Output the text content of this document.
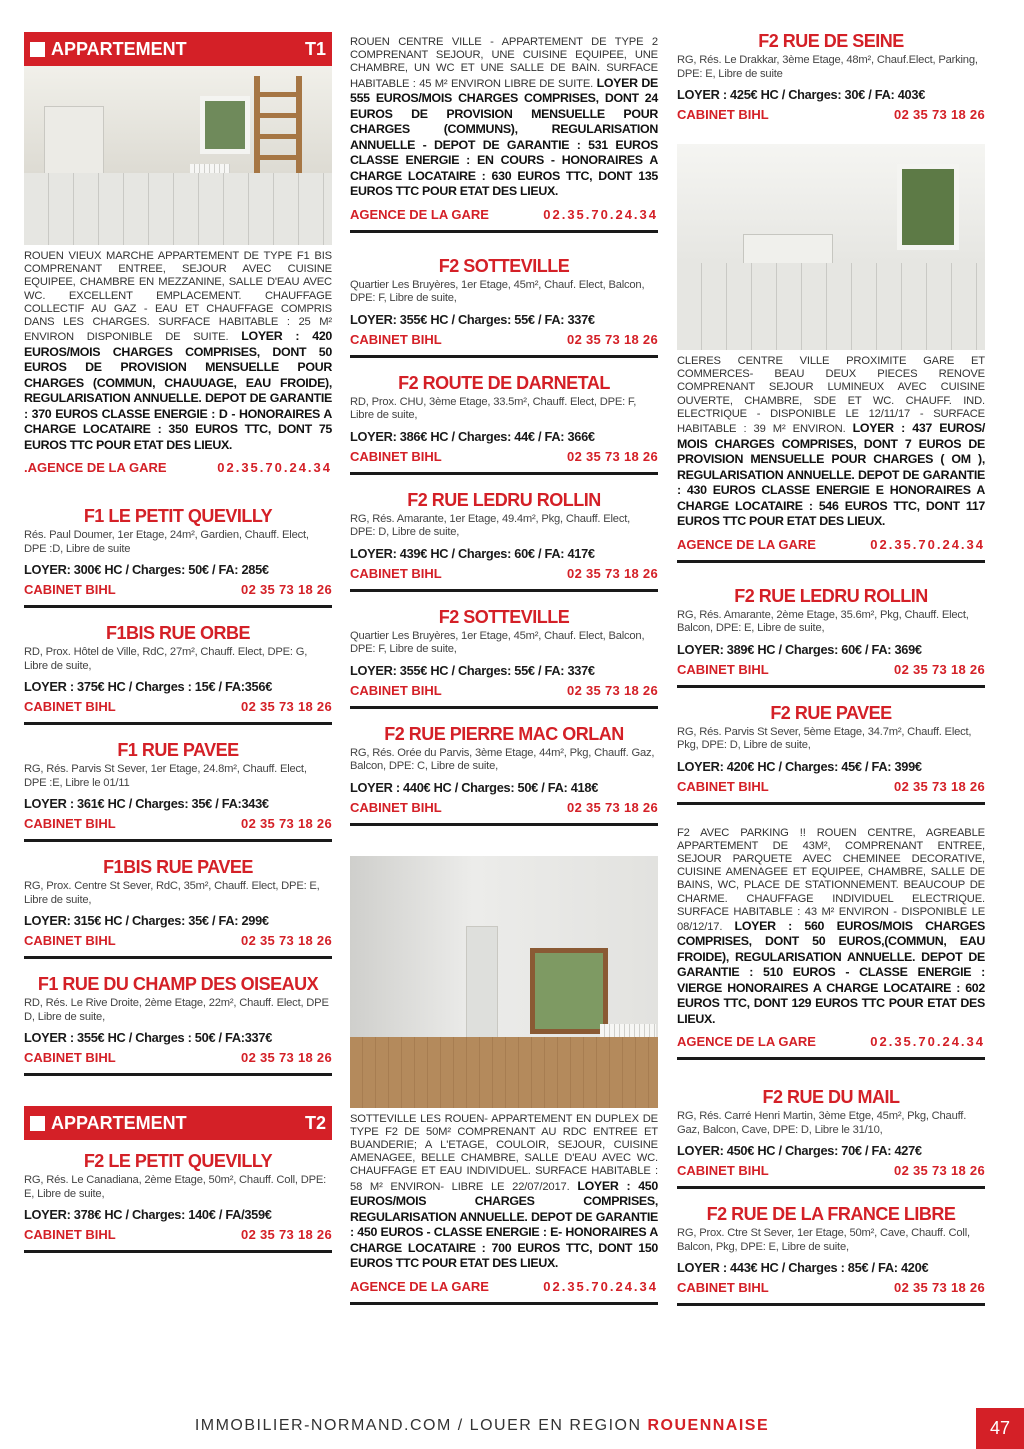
APPARTEMENT	T1

ROUEN VIEUX MARCHE APPARTEMENT DE TYPE F1 BIS COMPRENANT ENTREE, SEJOUR AVEC CUISINE EQUIPEE, CHAMBRE EN MEZZANINE, SALLE D'EAU AVEC WC. EXCELLENT EMPLACEMENT. CHAUFFAGE COLLECTIF AU GAZ - EAU ET CHAUFFAGE COMPRIS DANS LES CHARGES. SURFACE HABITABLE : 25 M² ENVIRON DISPONIBLE DE SUITE. LOYER : 420 EUROS/MOIS CHARGES COMPRISES, DONT 50 EUROS DE PROVISION MENSUELLE POUR CHARGES (COMMUN, CHAUUAGE, EAU FROIDE), REGULARISATION ANNUELLE. DEPOT DE GARANTIE : 370 EUROS CLASSE ENERGIE : D - HONORAIRES A CHARGE LOCATAIRE : 350 EUROS TTC, DONT 75 EUROS TTC POUR ETAT DES LIEUX.

.AGENCE DE LA GARE	02.35.70.24.34
F1 LE PETIT QUEVILLY
Rés. Paul Doumer, 1er Etage, 24m², Gardien, Chauff. Elect, DPE :D, Libre de suite
LOYER: 300€ HC / Charges: 50€ / FA: 285€
CABINET BIHL	02 35 73 18 26
F1BIS RUE ORBE
RD, Prox. Hôtel de Ville, RdC, 27m², Chauff. Elect, DPE: G, Libre de suite,
LOYER : 375€ HC / Charges : 15€ / FA:356€
CABINET BIHL	02 35 73 18 26
F1 RUE PAVEE
RG, Rés. Parvis St Sever, 1er Etage, 24.8m², Chauff. Elect, DPE :E, Libre le 01/11
LOYER : 361€ HC / Charges: 35€ / FA:343€
CABINET BIHL	02 35 73 18 26
F1BIS RUE PAVEE
RG, Prox. Centre St Sever, RdC, 35m², Chauff. Elect, DPE: E, Libre de suite,
LOYER: 315€ HC / Charges: 35€ / FA: 299€
CABINET BIHL	02 35 73 18 26
F1 RUE DU CHAMP DES OISEAUX
RD, Rés. Le Rive Droite, 2ème Etage, 22m², Chauff. Elect, DPE D, Libre de suite,
LOYER : 355€ HC / Charges : 50€ / FA:337€
CABINET BIHL	02 35 73 18 26
APPARTEMENT	T2
F2 LE PETIT QUEVILLY
RG, Rés. Le Canadiana, 2ème Etage, 50m², Chauff. Coll, DPE: E, Libre de suite,
LOYER: 378€ HC / Charges: 140€ / FA/359€
CABINET BIHL	02 35 73 18 26

ROUEN CENTRE VILLE - APPARTEMENT DE TYPE 2 COMPRENANT SEJOUR, UNE CUISINE EQUIPEE, UNE CHAMBRE, UN WC ET UNE SALLE DE BAIN. SURFACE HABITABLE : 45 M² ENVIRON LIBRE DE SUITE. LOYER DE 555 EUROS/MOIS CHARGES COMPRISES, DONT 24 EUROS DE PROVISION MENSUELLE POUR CHARGES (COMMUNS), REGULARISATION ANNUELLE - DEPOT DE GARANTIE : 531 EUROS CLASSE ENERGIE : EN COURS - HONORAIRES A CHARGE LOCATAIRE : 630 EUROS TTC, DONT 135 EUROS TTC POUR ETAT DES LIEUX.

AGENCE DE LA GARE	02.35.70.24.34
F2 SOTTEVILLE
Quartier Les Bruyères, 1er Etage, 45m², Chauf. Elect, Balcon, DPE: F, Libre de suite,
LOYER: 355€ HC / Charges: 55€ / FA: 337€
CABINET BIHL	02 35 73 18 26
F2 ROUTE DE DARNETAL
RD, Prox. CHU, 3ème Etage, 33.5m², Chauff. Elect, DPE: F, Libre de suite,
LOYER: 386€ HC / Charges: 44€ / FA: 366€
CABINET BIHL	02 35 73 18 26
F2 RUE LEDRU ROLLIN
RG, Rés. Amarante, 1er Etage, 49.4m², Pkg, Chauff. Elect, DPE: D, Libre de suite,
LOYER: 439€ HC / Charges: 60€ / FA: 417€
CABINET BIHL	02 35 73 18 26
F2 SOTTEVILLE
Quartier Les Bruyères, 1er Etage, 45m², Chauf. Elect, Balcon, DPE: F, Libre de suite,
LOYER: 355€ HC / Charges: 55€ / FA: 337€
CABINET BIHL	02 35 73 18 26
F2 RUE PIERRE MAC ORLAN
RG, Rés. Orée du Parvis, 3ème Etage, 44m², Pkg, Chauff. Gaz, Balcon, DPE: C, Libre de suite,
LOYER : 440€ HC / Charges: 50€ / FA: 418€
CABINET BIHL	02 35 73 18 26

SOTTEVILLE LES ROUEN- APPARTEMENT EN DUPLEX DE TYPE F2 DE 50M² COMPRENANT AU RDC ENTREE ET BUANDERIE; A L'ETAGE, COULOIR, SEJOUR, CUISINE AMENAGEE, BELLE CHAMBRE, SALLE D'EAU AVEC WC. CHAUFFAGE ET EAU INDIVIDUEL. SURFACE HABITABLE : 58 M² ENVIRON- LIBRE LE 22/07/2017. LOYER : 450 EUROS/MOIS CHARGES COMPRISES, REGULARISATION ANNUELLE. DEPOT DE GARANTIE : 450 EUROS - CLASSE ENERGIE : E- HONORAIRES A CHARGE LOCATAIRE : 700 EUROS TTC, DONT 150 EUROS TTC POUR ETAT DES LIEUX.

AGENCE DE LA GARE	02.35.70.24.34
F2 RUE DE SEINE
RG, Rés. Le Drakkar, 3ème Etage, 48m², Chauf.Elect, Parking, DPE: E, Libre de suite
LOYER : 425€ HC / Charges: 30€ / FA: 403€
CABINET BIHL	02 35 73 18 26

CLERES CENTRE VILLE PROXIMITE GARE ET COMMERCES- BEAU DEUX PIECES RENOVE COMPRENANT SEJOUR LUMINEUX AVEC CUISINE OUVERTE, CHAMBRE, SDE ET WC. CHAUFF. IND. ELECTRIQUE - DISPONIBLE LE 12/11/17 - SURFACE HABITABLE : 39 M² ENVIRON. LOYER : 437 EUROS/ MOIS CHARGES COMPRISES, DONT 7 EUROS DE PROVISION MENSUELLE POUR CHARGES ( OM ), REGULARISATION ANNUELLE. DEPOT DE GARANTIE : 430 EUROS CLASSE ENERGIE E HONORAIRES A CHARGE LOCATAIRE : 546 EUROS TTC, DONT 117 EUROS TTC POUR ETAT DES LIEUX.

AGENCE DE LA GARE	02.35.70.24.34
F2 RUE LEDRU ROLLIN
RG, Rés. Amarante, 2ème Etage, 35.6m², Pkg, Chauff. Elect, Balcon, DPE: E, Libre de suite,
LOYER: 389€ HC / Charges: 60€ / FA: 369€
CABINET BIHL	02 35 73 18 26
F2 RUE PAVEE
RG, Rés. Parvis St Sever, 5ème Etage, 34.7m², Chauff. Elect, Pkg, DPE: D, Libre de suite,
LOYER: 420€ HC / Charges: 45€ / FA: 399€
CABINET BIHL	02 35 73 18 26

F2 AVEC PARKING !! ROUEN CENTRE, AGREABLE APPARTEMENT DE 43M², COMPRENANT ENTREE, SEJOUR PARQUETE AVEC CHEMINEE DECORATIVE, CUISINE AMENAGEE ET EQUIPEE, CHAMBRE, SALLE DE BAINS, WC, PLACE DE STATIONNEMENT. BEAUCOUP DE CHARME. CHAUFFAGE INDIVIDUEL ELECTRIQUE. SURFACE HABITABLE : 43 M² ENVIRON - DISPONIBLE LE 08/12/17. LOYER : 560 EUROS/MOIS CHARGES COMPRISES, DONT 50 EUROS,(COMMUN, EAU FROIDE), REGULARISATION ANNUELLE. DEPOT DE GARANTIE : 510 EUROS - CLASSE ENERGIE : VIERGE HONORAIRES A CHARGE LOCATAIRE : 602 EUROS TTC, DONT 129 EUROS TTC POUR ETAT DES LIEUX.

AGENCE DE LA GARE	02.35.70.24.34
F2 RUE DU MAIL
RG, Rés. Carré Henri Martin, 3ème Etge, 45m², Pkg, Chauff. Gaz, Balcon, Cave, DPE: D, Libre le 31/10,
LOYER: 450€ HC / Charges: 70€ / FA: 427€
CABINET BIHL	02 35 73 18 26
F2 RUE DE LA FRANCE LIBRE
RG, Prox. Ctre St Sever, 1er Etage, 50m², Cave, Chauff. Coll, Balcon, Pkg, DPE: E, Libre de suite,
LOYER : 443€ HC / Charges : 85€ / FA: 420€
CABINET BIHL	02 35 73 18 26
IMMOBILIER-NORMAND.COM / LOUER EN REGION ROUENNAISE	47
